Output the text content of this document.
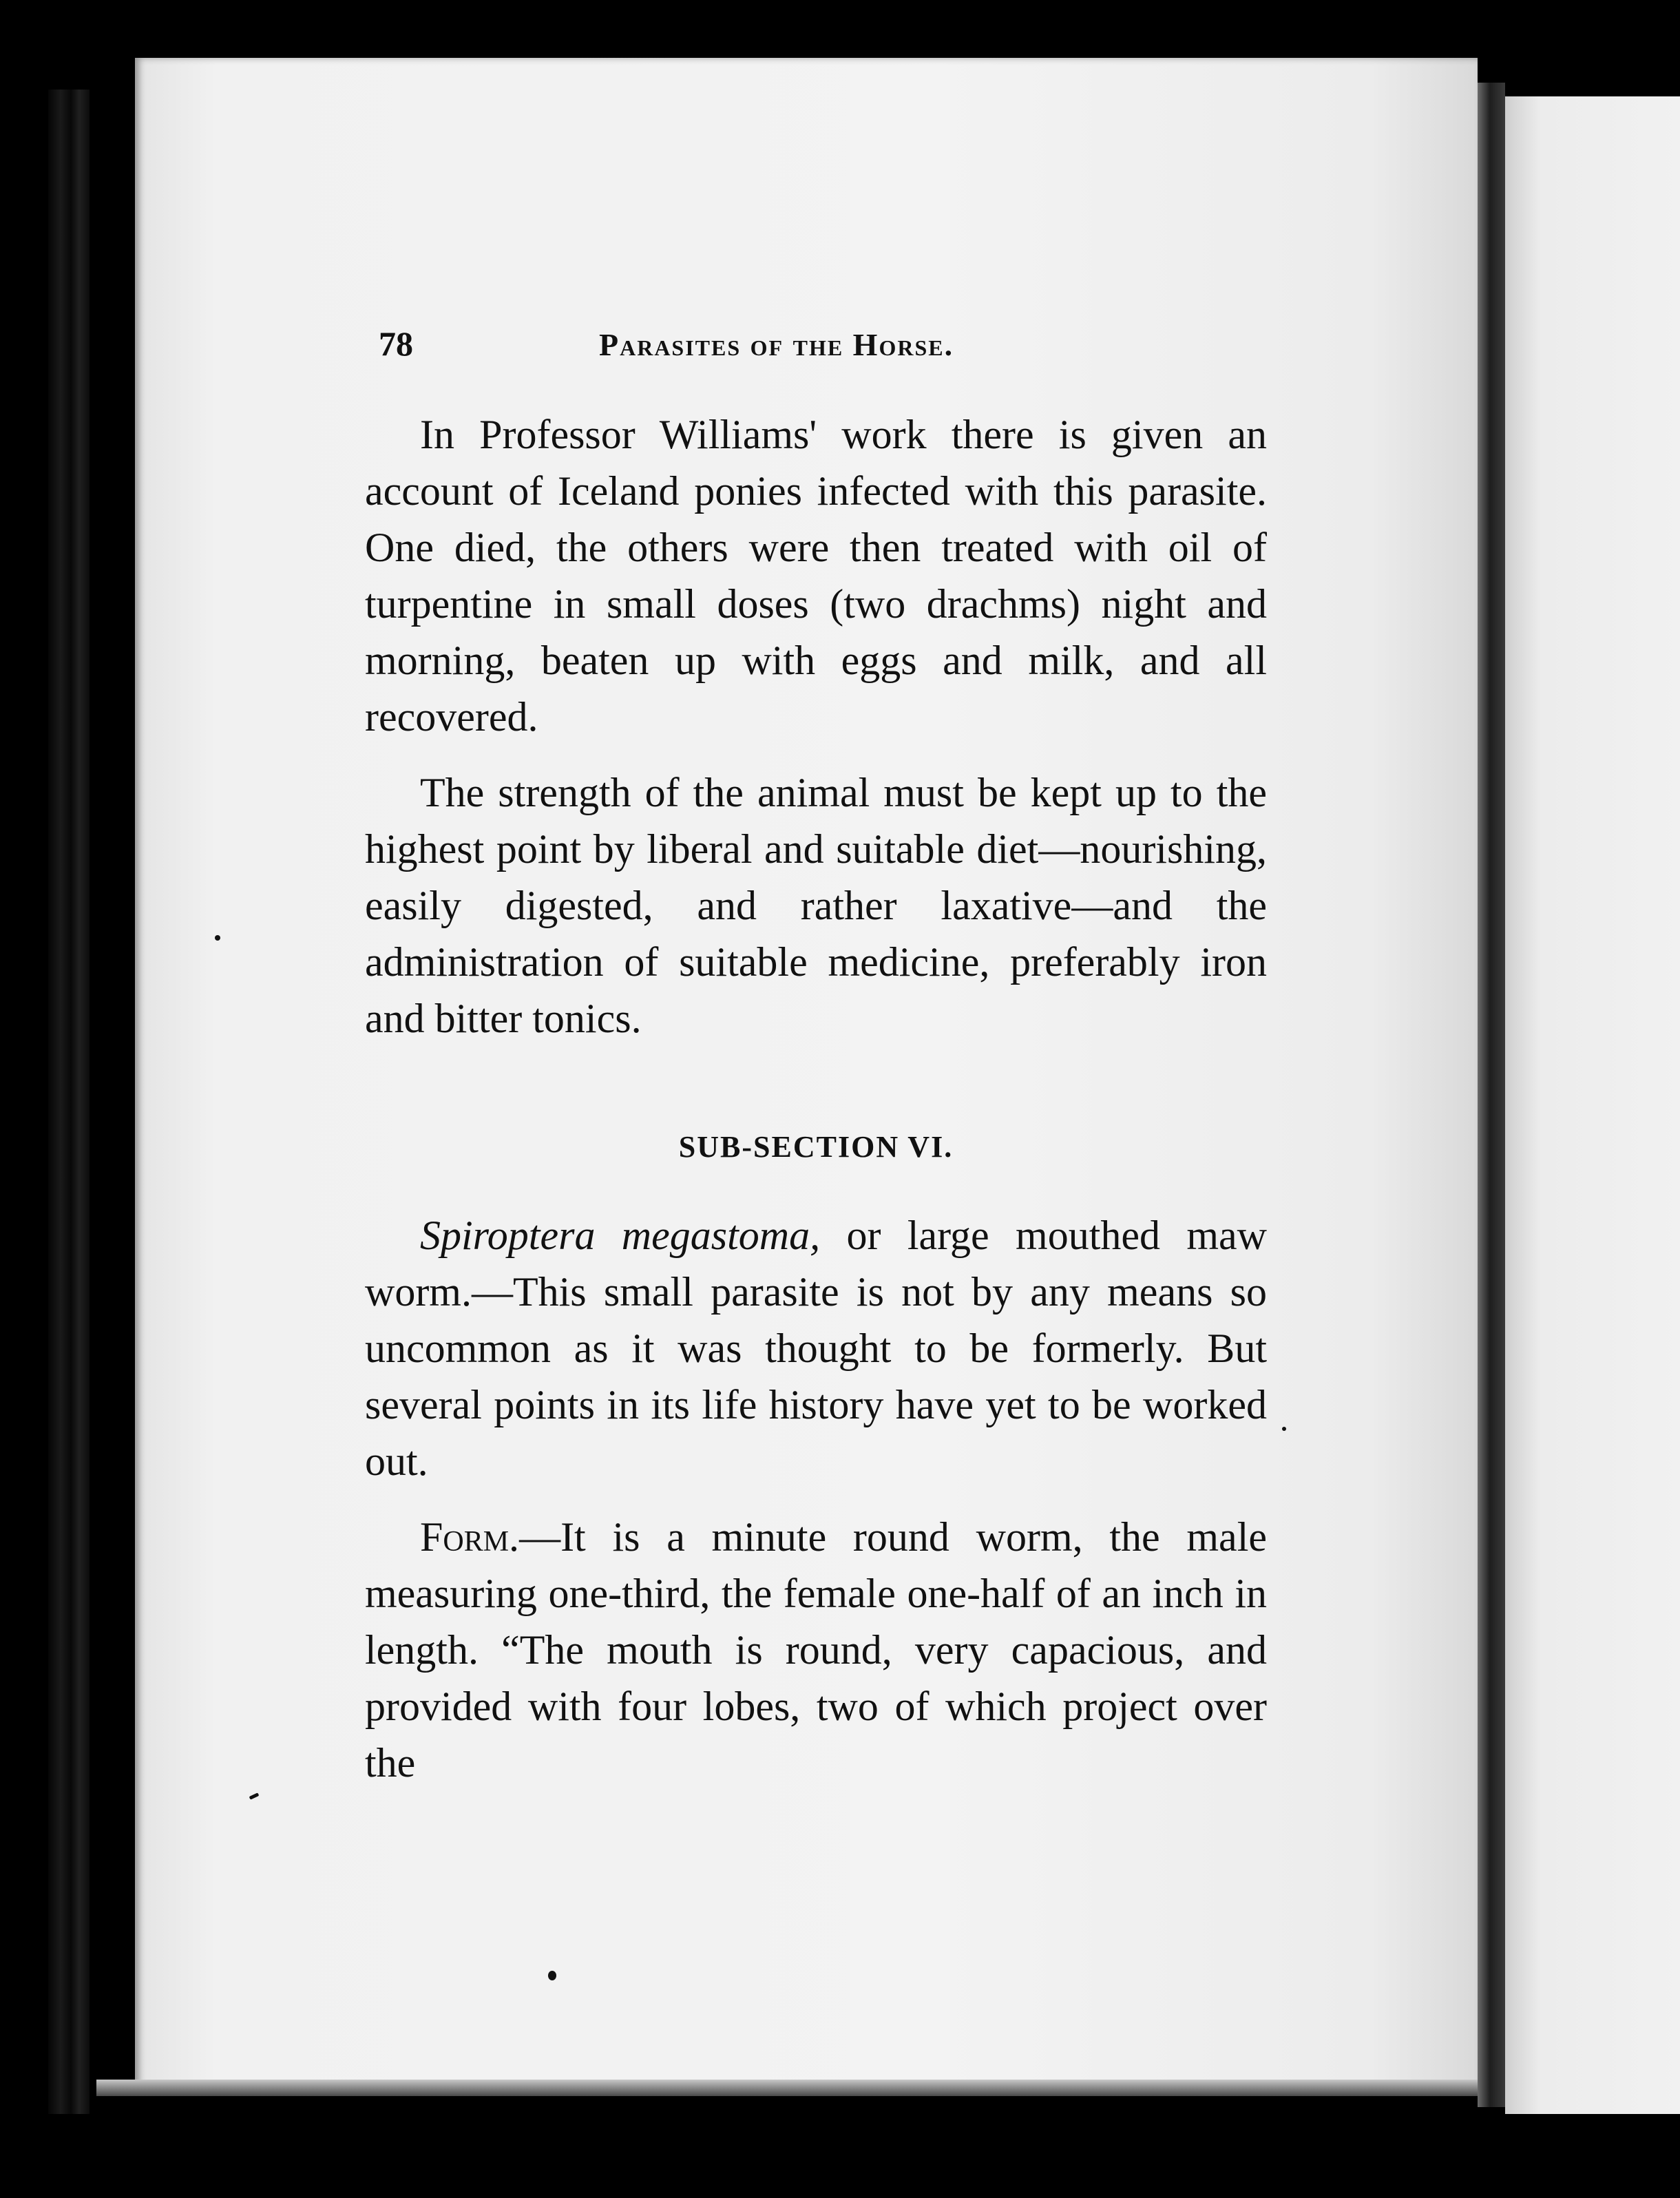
78	Parasites of the Horse.

In Professor Williams' work there is given an account of Iceland ponies infected with this parasite. One died, the others were then treated with oil of turpentine in small doses (two drachms) night and morning, beaten up with eggs and milk, and all recovered.

The strength of the animal must be kept up to the highest point by liberal and suitable diet—nourishing, easily digested, and rather laxative—and the administration of suitable medicine, preferably iron and bitter tonics.

SUB-SECTION VI.

Spiroptera megastoma, or large mouthed maw worm.—This small parasite is not by any means so uncommon as it was thought to be formerly. But several points in its life history have yet to be worked out.

Form.—It is a minute round worm, the male measuring one-third, the female one-half of an inch in length. “The mouth is round, very capacious, and provided with four lobes, two of which project over the
